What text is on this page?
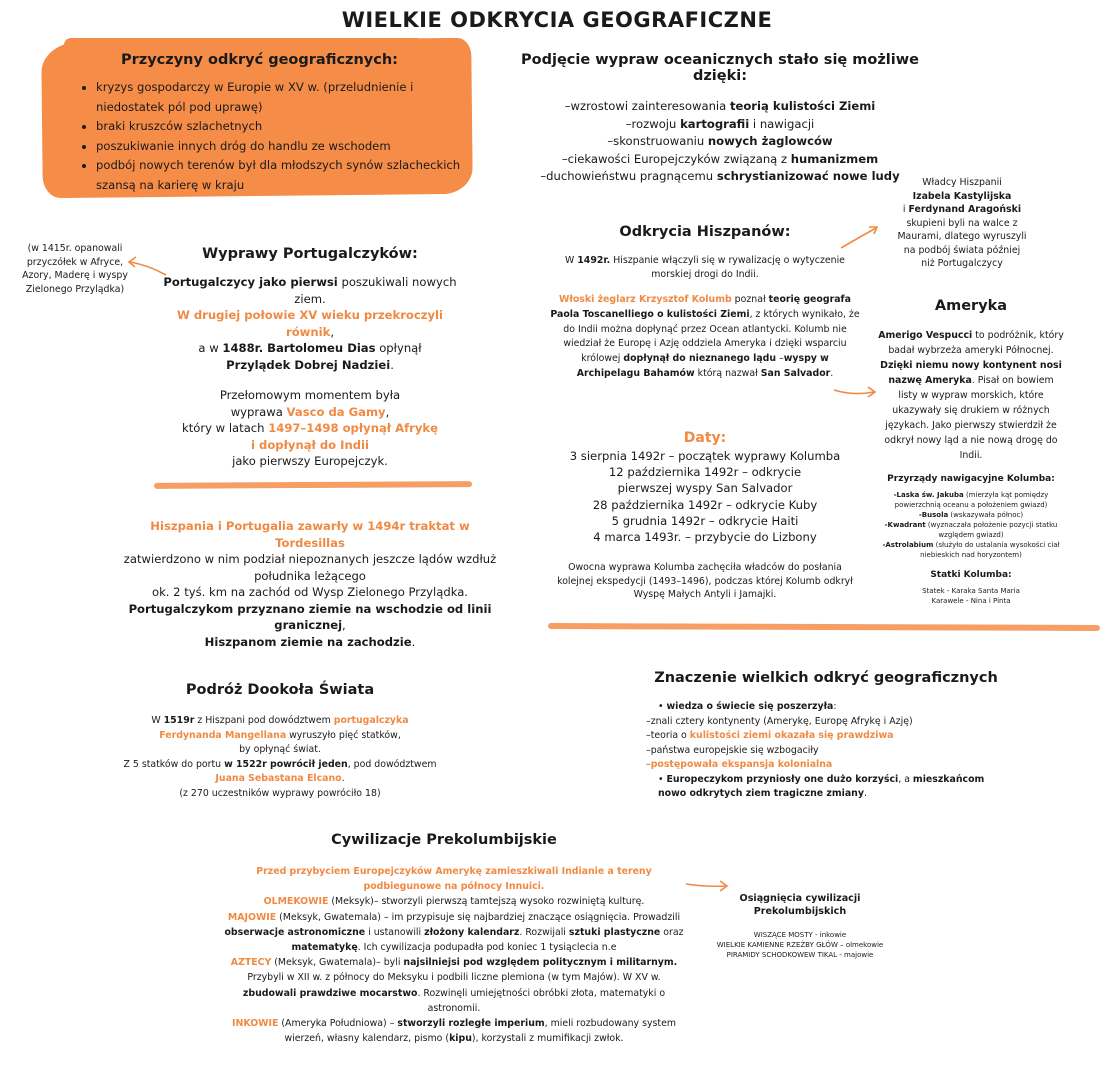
WIELKIE ODKRYCIA GEOGRAFICZNE
Przyczyny odkryć geograficznych:
• kryzys gospodarczy w Europie w XV w. (przeludnienie i niedostatek pól pod uprawę)
• braki kruszców szlachetnych
• poszukiwanie innych dróg do handlu ze wschodem
• podbój nowych terenów był dla młodszych synów szlacheckich szansą na karierę w kraju
Podjęcie wypraw oceanicznych stało się możliwe dzięki:
–wzrostowi zainteresowania teorią kulistości Ziemi
–rozwoju kartografii i nawigacji
–skonstruowaniu nowych żaglowców
–ciekawości Europejczyków związaną z humanizmem
–duchowieństwu pragnącemu schrystianizować nowe ludy	Władcy Hiszpanii
Izabela Kastylijska
i Ferdynand Aragoński
skupieni byli na walce z
Maurami, dlatego wyruszyli
na podbój świata później
niż Portugalczycy
(w 1415r. opanowali przyczółek w Afryce, Azory, Maderę i wyspy Zielonego Przylądka)
Wyprawy Portugalczyków:
Portugalczycy jako pierwsi poszukiwali nowych ziem.
W drugiej połowie XV wieku przekroczyli równik,
a w 1488r. Bartolomeu Dias opłynął
Przylądek Dobrej Nadziei.
Przełomowym momentem była
wyprawa Vasco da Gamy,
który w latach 1497–1498 opłynął Afrykę
i dopłynął do Indii
jako pierwszy Europejczyk.
Odkrycia Hiszpanów:
W 1492r. Hiszpanie włączyli się w rywalizację o wytyczenie morskiej drogi do Indii.
Włoski żeglarz Krzysztof Kolumb poznał teorię geografa Paola Toscanelliego o kulistości Ziemi, z których wynikało, że do Indii można dopłynąć przez Ocean atlantycki. Kolumb nie wiedział że Europę i Azję oddziela Ameryka i dzięki wsparciu królowej dopłynął do nieznanego lądu –wyspy w Archipelagu Bahamów którą nazwał San Salvador.
Daty:
3 sierpnia 1492r – początek wyprawy Kolumba
12 października 1492r – odkrycie pierwszej wyspy San Salvador
28 października 1492r – odkrycie Kuby
5 grudnia 1492r – odkrycie Haiti
4 marca 1493r. – przybycie do Lizbony
Owocna wyprawa Kolumba zachęciła władców do posłania kolejnej ekspedycji (1493–1496), podczas której Kolumb odkrył Wyspę Małych Antyli i Jamajki.
Ameryka
Amerigo Vespucci to podróżnik, który badał wybrzeża ameryki Północnej. Dzięki niemu nowy kontynent nosi nazwę Ameryka. Pisał on bowiem listy w wypraw morskich, które ukazywały się drukiem w różnych językach. Jako pierwszy stwierdził że odkrył nowy ląd a nie nową drogę do Indii.
Przyrządy nawigacyjne Kolumba:
-Laska św. Jakuba (mierzyła kąt pomiędzy powierzchnią oceanu a położeniem gwiazd)
-Busola (wskazywała północ)
-Kwadrant (wyznaczała położenie pozycji statku względem gwiazd)
-Astrolabium (służyło do ustalania wysokości ciał niebieskich nad horyzontem)
Statki Kolumba:
Statek - Karaka Santa Maria
Karawele - Nina i Pinta
Hiszpania i Portugalia zawarły w 1494r traktat w Tordesillas
zatwierdzono w nim podział niepoznanych jeszcze lądów wzdłuż południka leżącego
ok. 2 tyś. km na zachód od Wysp Zielonego Przylądka.
Portugalczykom przyznano ziemie na wschodzie od linii granicznej,
Hiszpanom ziemie na zachodzie.
Podróż Dookoła Świata
W 1519r z Hiszpani pod dowództwem portugalczyka
Ferdynanda Mangellana wyruszyło pięć statków,
by opłynąć świat.
Z 5 statków do portu w 1522r powrócił jeden, pod dowództwem
Juana Sebastana Elcano.
(z 270 uczestników wyprawy powróciło 18)
Znaczenie wielkich odkryć geograficznych
• wiedza o świecie się poszerzyła:
–znali cztery kontynenty (Amerykę, Europę Afrykę i Azję)
–teoria o kulistości ziemi okazała się prawdziwa
–państwa europejskie się wzbogaciły
–postępowała ekspansja kolonialna
• Europeczykom przyniosły one dużo korzyści, a mieszkańcom nowo odkrytych ziem tragiczne zmiany.
Cywilizacje Prekolumbijskie
Przed przybyciem Europejczyków Amerykę zamieszkiwali Indianie a tereny podbiegunowe na północy Innuici.
OLMEKOWIE (Meksyk)– stworzyli pierwszą tamtejszą wysoko rozwiniętą kulturę.
MAJOWIE (Meksyk, Gwatemala) – im przypisuje się najbardziej znaczące osiągnięcia. Prowadzili obserwacje astronomiczne i ustanowili złożony kalendarz. Rozwijali sztuki plastyczne oraz matematykę. Ich cywilizacja podupadła pod koniec 1 tysiąclecia n.e
AZTECY (Meksyk, Gwatemala)– byli najsilniejsi pod względem politycznym i militarnym. Przybyli w XII w. z północy do Meksyku i podbili liczne plemiona (w tym Majów). W XV w. zbudowali prawdziwe mocarstwo. Rozwinęli umiejętności obróbki złota, matematyki o astronomii.
INKOWIE (Ameryka Południowa) – stworzyli rozległe imperium, mieli rozbudowany system wierzeń, własny kalendarz, pismo (kipu), korzystali z mumifikacji zwłok.
Osiągnięcia cywilizacji Prekolumbijskich
WISZĄCE MOSTY - inkowie
WIELKIE KAMIENNE RZEŹBY GŁÓW – olmekowie
PIRAMIDY SCHODKOWEW TIKAL - majowie
